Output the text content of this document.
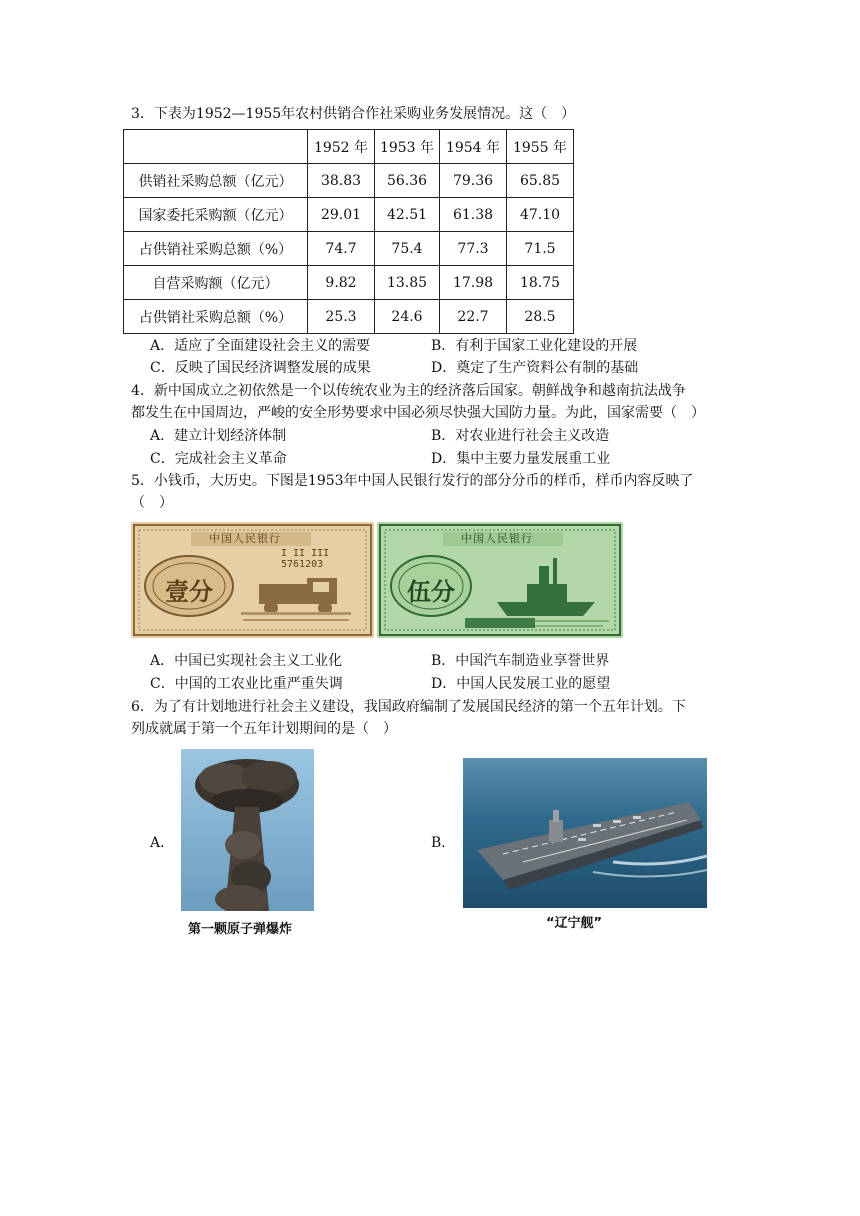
3．下表为1952—1955年农村供销合作社采购业务发展情况。这（　）
	1952 年	1953 年	1954 年	1955 年
供销社采购总额（亿元）	38.83	56.36	79.36	65.85
国家委托采购额（亿元）	29.01	42.51	61.38	47.10
占供销社采购总额（%）	74.7	75.4	77.3	71.5
自营采购额（亿元）	9.82	13.85	17.98	18.75
占供销社采购总额（%）	25.3	24.6	22.7	28.5
A．适应了全面建设社会主义的需要	B．有利于国家工业化建设的开展
C．反映了国民经济调整发展的成果	D．奠定了生产资料公有制的基础
4．新中国成立之初依然是一个以传统农业为主的经济落后国家。朝鲜战争和越南抗法战争
都发生在中国周边，严峻的安全形势要求中国必须尽快强大国防力量。为此，国家需要（　）
A．建立计划经济体制	B．对农业进行社会主义改造
C．完成社会主义革命	D．集中主要力量发展重工业
5．小钱币，大历史。下图是1953年中国人民银行发行的部分分币的样币，样币内容反映了
（　）
中国人民银行
I II III 5761203
壹分
中国人民银行
伍分
A．中国已实现社会主义工业化	B．中国汽车制造业享誉世界
C．中国的工农业比重严重失调	D．中国人民发展工业的愿望
6．为了有计划地进行社会主义建设，我国政府编制了发展国民经济的第一个五年计划。下
列成就属于第一个五年计划期间的是（　）
A．	B．
第一颗原子弹爆炸	“辽宁舰”
